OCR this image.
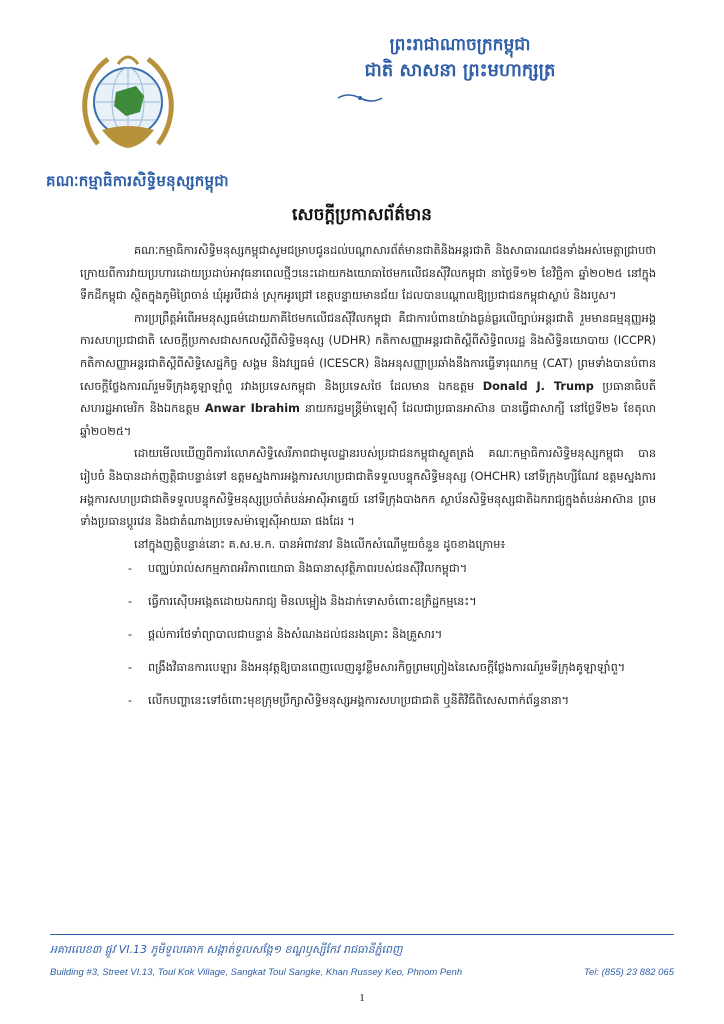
គណៈកម្មាធិការសិទ្ធិមនុស្សកម្ពុជា
ព្រះរាជាណាចក្រកម្ពុជា
ជាតិ សាសនា ព្រះមហាក្សត្រ
សេចក្តីប្រកាសព័ត៌មាន

គណៈកម្មាធិការសិទ្ធិមនុស្សកម្ពុជាសូមជម្រាបជូនដល់បណ្តាសារព័ត៌មានជាតិនិងអន្តរជាតិ និងសាធារណជនទាំងអស់មេត្តាជ្រាបថា ក្រោយពីការវាយប្រហារដោយប្រដាប់អាវុធនាពេលថ្មីៗនេះដោយកងយោធាថៃមកលើជនស៊ីវិលកម្ពុជា នាថ្ងៃទី១២ ខែវិច្ឆិកា ឆ្នាំ២០២៥ នៅក្នុងទឹកដីកម្ពុជា ស្ថិតក្នុងភូមិព្រៃចាន់ ឃុំអូរបីជាន់ ស្រុកអូរជ្រៅ ខេត្តបន្ទាយមានជ័យ ដែលបានបណ្តាលឱ្យប្រជាជនកម្ពុជាស្លាប់ និងរបួស។

ការប្រព្រឹត្តអំពើអមនុស្សធម៌ដោយភាគីថៃមកលើជនស៊ីវិលកម្ពុជា គឺជាការបំពានយ៉ាងធ្ងន់ធ្ងរលើច្បាប់អន្តរជាតិ រួមមានធម្មនុញ្ញអង្គការសហប្រជាជាតិ សេចក្តីប្រកាសជាសកលស្តីពីសិទ្ធិមនុស្ស (UDHR) កតិកាសញ្ញាអន្តរជាតិស្តីពីសិទ្ធិពលរដ្ឋ និងសិទ្ធិនយោបាយ (ICCPR) កតិកាសញ្ញាអន្តរជាតិស្តីពីសិទ្ធិសេដ្ឋកិច្ច សង្គម និងវប្បធម៌ (ICESCR) និងអនុសញ្ញាប្រឆាំងនឹងការធ្វើទារុណកម្ម (CAT) ព្រមទាំងបានបំពានសេចក្តីថ្លែងការណ៍រួមទីក្រុងគូឡាឡាំពួ រវាងប្រទេសកម្ពុជា និងប្រទេសថៃ ដែលមាន ឯកឧត្តម Donald J. Trump ប្រធានាធិបតីសហរដ្ឋអាមេរិក និងឯកឧត្តម Anwar Ibrahim នាយករដ្ឋមន្ត្រីម៉ាឡេស៊ី ដែលជាប្រធានអាស៊ាន បានធ្វើជាសាក្សី នៅថ្ងៃទី២៦ ខែតុលា ឆ្នាំ២០២៥។

ដោយមើលឃើញពីការរំលោភសិទ្ធិសេរីភាពជាមូលដ្ឋានរបស់ប្រជាជនកម្ពុជាស្លូតត្រង់ គណៈកម្មាធិការសិទ្ធិមនុស្សកម្ពុជា បានរៀបចំ និងបានដាក់ញត្តិជាបន្ទាន់ទៅ ឧត្តមស្នងការអង្គការសហប្រជាជាតិទទួលបន្ទុកសិទ្ធិមនុស្ស (OHCHR) នៅទីក្រុងហ្សឺណែវ ឧត្តមស្នងការអង្គការសហប្រជាជាតិទទួលបន្ទុកសិទ្ធិមនុស្សប្រចាំតំបន់អាស៊ីអាគ្នេយ៍ នៅទីក្រុងបាងកក ស្ថាប័នសិទ្ធិមនុស្សជាតិឯករាជ្យក្នុងតំបន់អាស៊ាន ព្រមទាំងប្រធានប្តូរវេន និងជាតំណាងប្រទេសម៉ាឡេស៊ីអាយឆា ផងដែរ ។

នៅក្នុងញត្តិបន្ទាន់នោះ គ.ស.ម.ក. បានអំពាវនាវ និងលើកសំណើមួយចំនួន ដូចខាងក្រោម៖

- បញ្ឈប់រាល់សកម្មភាពអរិភាពយោធា និងធានាសុវត្ថិភាពរបស់ជនស៊ីវិលកម្ពុជា។
- ធ្វើការស៊ើបអង្កេតដោយឯករាជ្យ មិនលម្អៀង និងដាក់ទោសចំពោះឧក្រិដ្ឋកម្មនេះ។
- ផ្តល់ការថែទាំព្យាបាលជាបន្ទាន់ និងសំណងដល់ជនរងគ្រោះ និងគ្រួសារ។
- ពង្រឹងវិធានការបេឡារ និងអនុវត្តឱ្យបានពេញលេញនូវខ្លឹមសារកិច្ចព្រមព្រៀងនៃសេចក្តីថ្លែងការណ៍រួមទីក្រុងគូឡាឡាំពួ។
- លើកបញ្ហានេះទៅចំពោះមុខក្រុមប្រឹក្សាសិទ្ធិមនុស្សអង្គការសហប្រជាជាតិ ឬនីតិវិធីពិសេសពាក់ព័ន្ធនានា។
អគារលេខ៣ ផ្លូវ VI.13 ភូមិទួលគោក សង្កាត់ទួលសង្កែ១ ខណ្ឌឫស្សីកែវ រាជធានីភ្នំពេញ
Building #3, Street VI.13, Toul Kok Village, Sangkat Toul Sangke, Khan Russey Keo, Phnom Penh	Tel: (855) 23 882 065
1
